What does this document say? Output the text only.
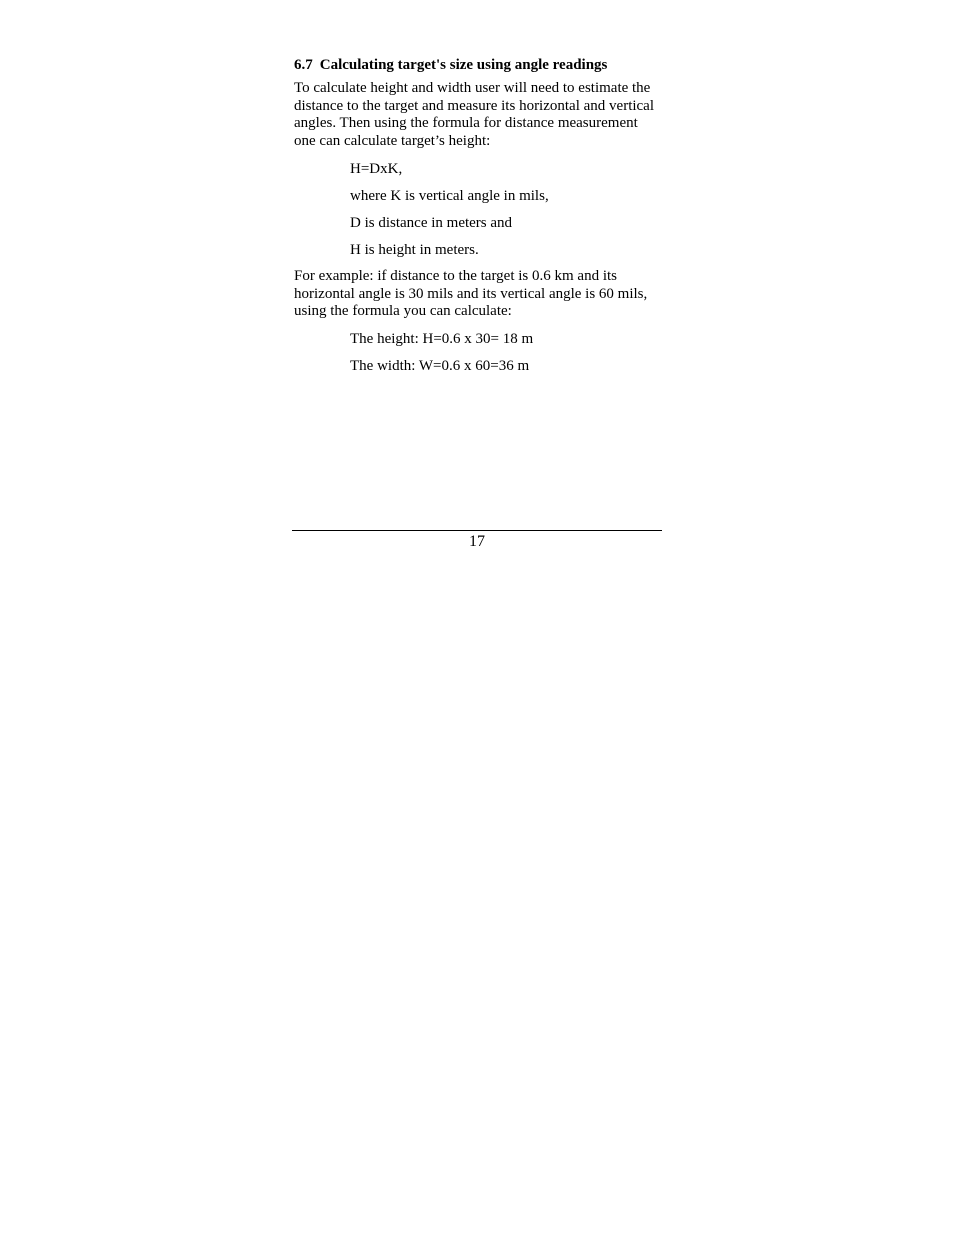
6.7 Calculating target's size using angle readings

To calculate height and width user will need to estimate the distance to the target and measure its horizontal and vertical angles. Then using the formula for distance measurement one can calculate target’s height:

H=DxK,
where K is vertical angle in mils,
D is distance in meters and
H is height in meters.

For example: if distance to the target is 0.6 km and its horizontal angle is 30 mils and its vertical angle is 60 mils, using the formula you can calculate:

The height: H=0.6 x 30= 18 m
The width: W=0.6 x 60=36 m
17
